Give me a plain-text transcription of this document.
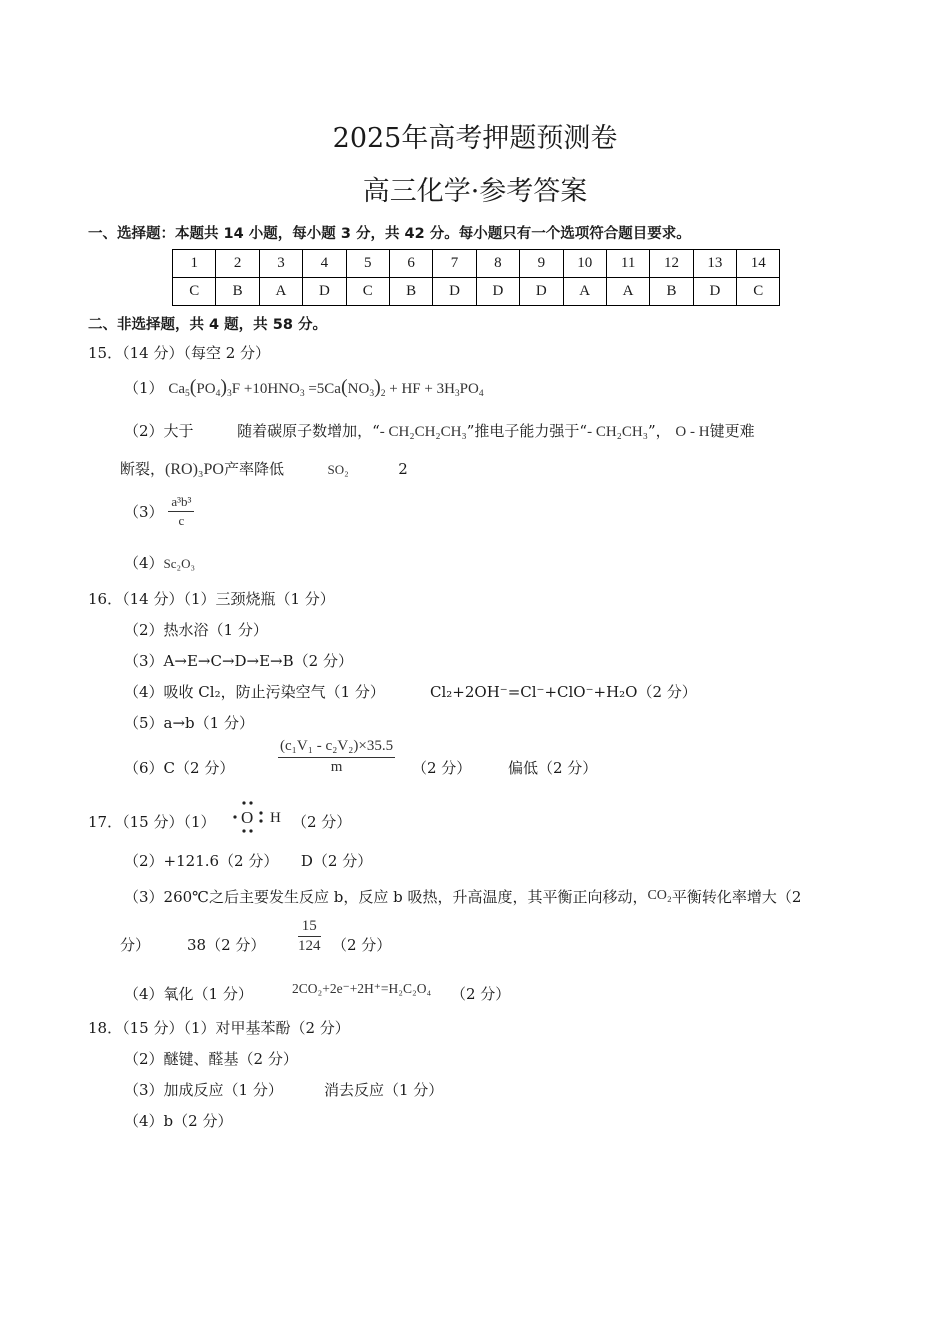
2025年高考押题预测卷
高三化学·参考答案
一、选择题：本题共 14 小题，每小题 3 分，共 42 分。每小题只有一个选项符合题目要求。
1	2	3	4	5	6	7	8	9	10	11	12	13	14
C	B	A	D	C	B	D	D	D	A	A	B	D	C
二、非选择题，共 4 题，共 58 分。
15．（14 分）（每空 2 分）
（1） $Ca_5(PO_4)_3F +10HNO_3 =5Ca(NO_3)_2$ + HF + $3H_3PO_4$
（2）大于	随着碳原子数增加，“- CH₂CH₂CH₃”推电子能力强于“- CH₂CH₃”， O - H键更难
断裂，(RO)₃PO产率降低	SO₂	2
$(3) \frac{\text{a³b³}}{c}$
（4）Sc₂O₃
16．（14 分）（1）三颈烧瓶（1 分）
（2）热水浴（1 分）
（3）A→E→C→D→E→B（2 分）
（4）吸收 Cl₂，防止污染空气（1 分）	Cl₂+2OH⁻=Cl⁻+ClO⁻+H₂O（2 分）
（5）a→b（1 分）
（6）C（2 分）	$\frac{\text{(c₁V₁ - c₂V₂)×35.5}}{m} (2$ 分） 偏低（2 分）
17．（15 分）（1） O H （2 分）
（2）+121.6（2 分）　　D（2 分）
（3）260℃之后主要发生反应 b，反应 b 吸热，升高温度，其平衡正向移动，CO₂平衡转化率增大（2
分） 38（2 分） $\frac{15}{124} (2$ 分）
（4）氧化（1 分）	2CO₂+2e⁻+2H⁺=H₂C₂O₄ （2 分）
18．（15 分）（1）对甲基苯酚（2 分）
（2）醚键、醛基（2 分）
（3）加成反应（1 分）	消去反应（1 分）
（4）b（2 分）
